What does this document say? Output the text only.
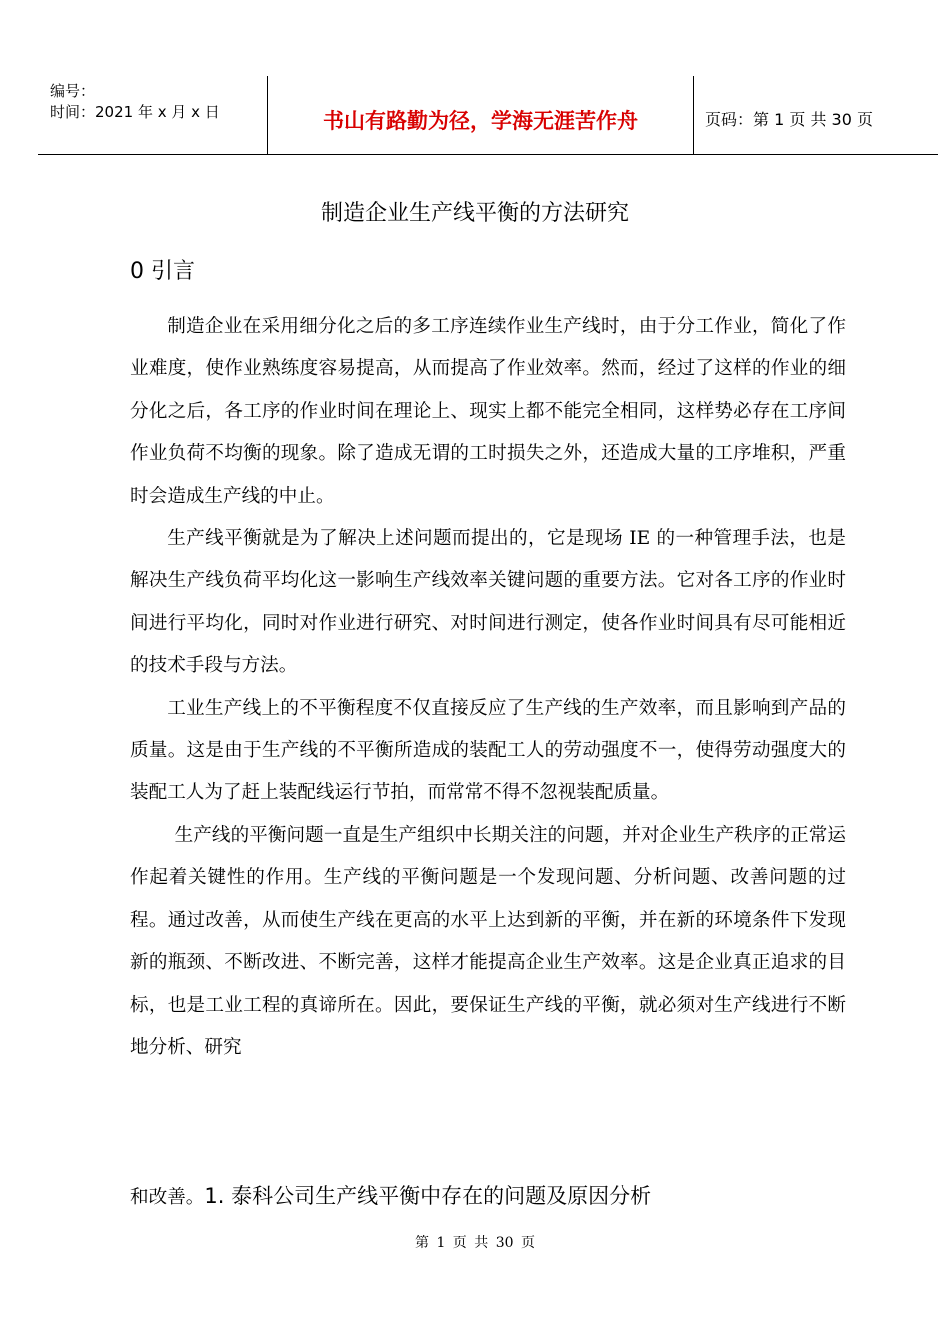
编号：
时间：2021 年 x 月 x 日	书山有路勤为径，学海无涯苦作舟	页码：第 1 页 共 30 页
制造企业生产线平衡的方法研究
0 引言

制造企业在采用细分化之后的多工序连续作业生产线时，由于分工作业，简化了作业难度，使作业熟练度容易提高，从而提高了作业效率。然而，经过了这样的作业的细分化之后，各工序的作业时间在理论上、现实上都不能完全相同，这样势必存在工序间作业负荷不均衡的现象。除了造成无谓的工时损失之外，还造成大量的工序堆积，严重时会造成生产线的中止。

生产线平衡就是为了解决上述问题而提出的，它是现场 IE 的一种管理手法，也是解决生产线负荷平均化这一影响生产线效率关键问题的重要方法。它对各工序的作业时间进行平均化，同时对作业进行研究、对时间进行测定，使各作业时间具有尽可能相近的技术手段与方法。

工业生产线上的不平衡程度不仅直接反应了生产线的生产效率，而且影响到产品的质量。这是由于生产线的不平衡所造成的装配工人的劳动强度不一，使得劳动强度大的装配工人为了赶上装配线运行节拍，而常常不得不忽视装配质量。

生产线的平衡问题一直是生产组织中长期关注的问题，并对企业生产秩序的正常运作起着关键性的作用。生产线的平衡问题是一个发现问题、分析问题、改善问题的过程。通过改善，从而使生产线在更高的水平上达到新的平衡，并在新的环境条件下发现新的瓶颈、不断改进、不断完善，这样才能提高企业生产效率。这是企业真正追求的目标，也是工业工程的真谛所在。因此，要保证生产线的平衡，就必须对生产线进行不断地分析、研究

和改善。1. 泰科公司生产线平衡中存在的问题及原因分析
第 1 页 共 30 页
